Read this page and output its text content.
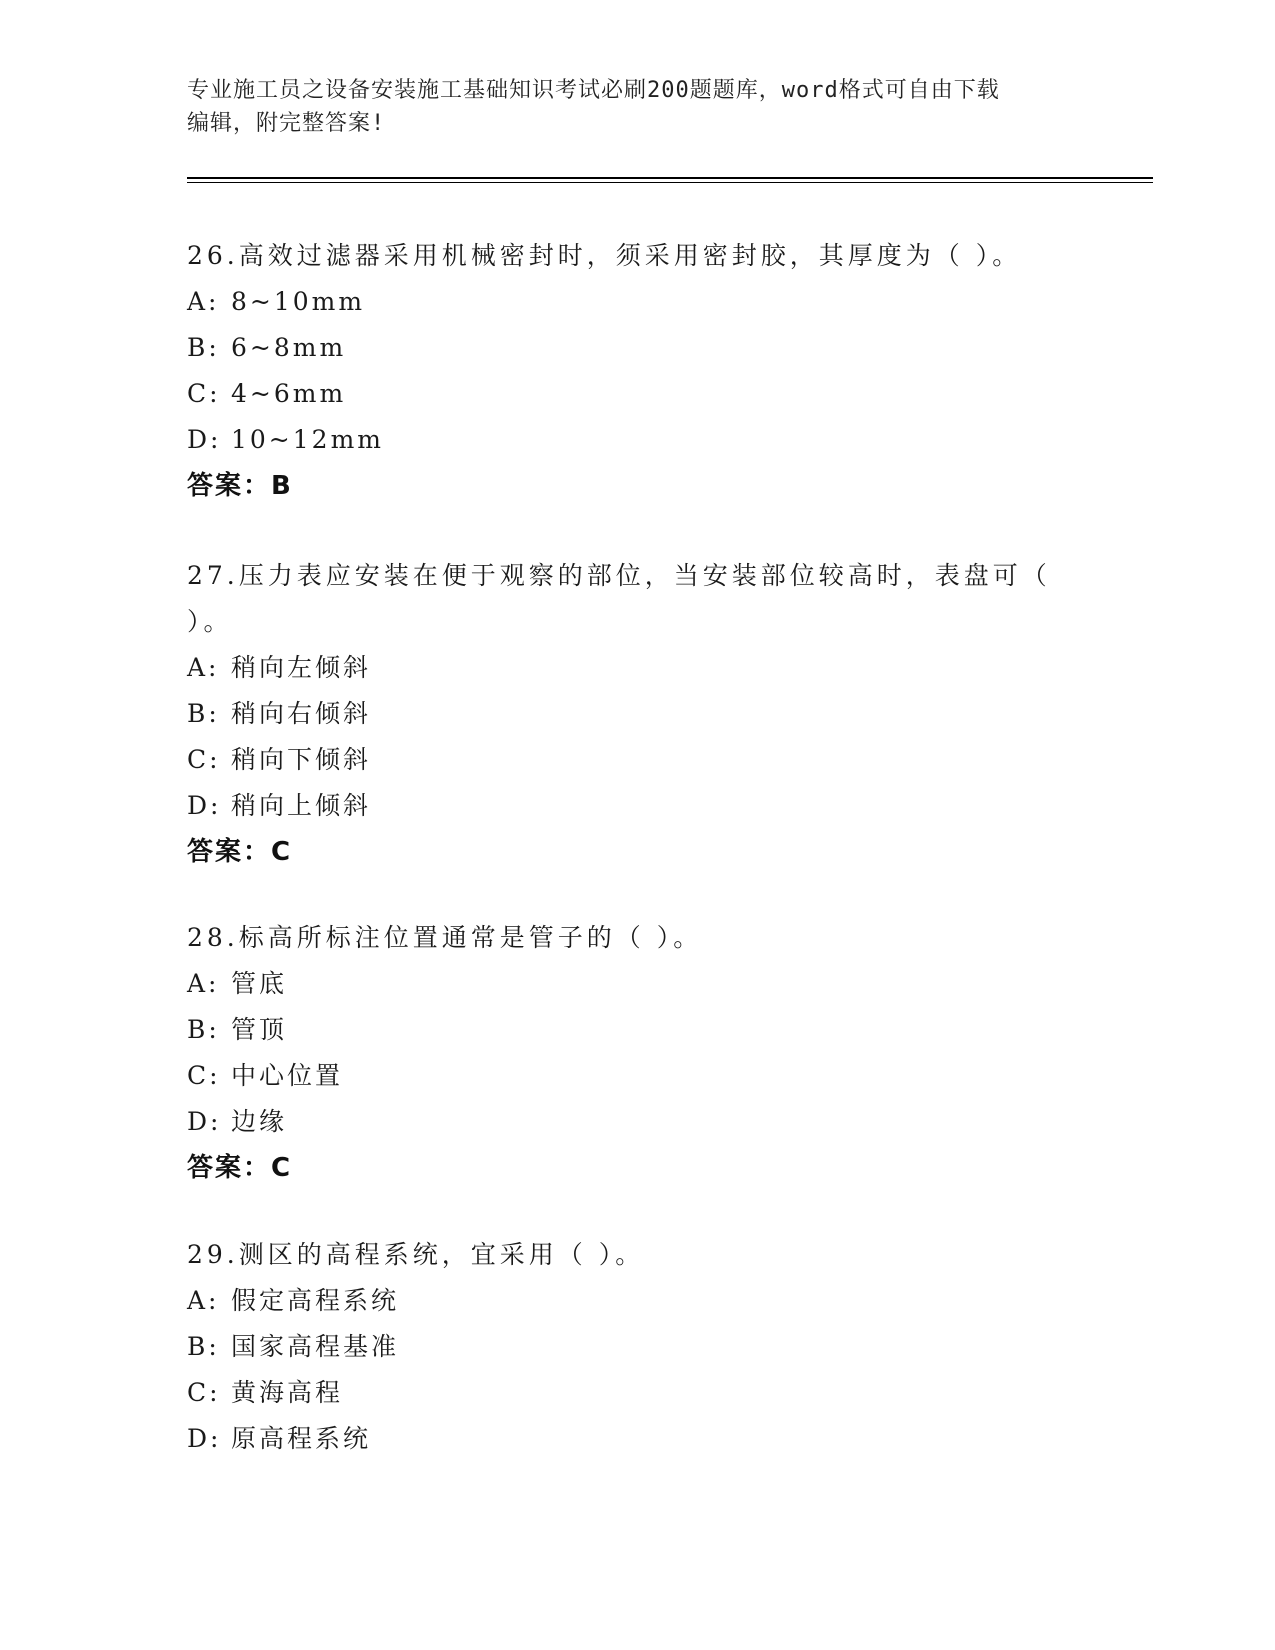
专业施工员之设备安装施工基础知识考试必刷200题题库，word格式可自由下载
编辑，附完整答案!

26.高效过滤器采用机械密封时，须采用密封胶，其厚度为（ ）。

A: 8~10mm

B: 6~8mm

C: 4~6mm

D: 10~12mm

答案：B

27.压力表应安装在便于观察的部位，当安装部位较高时，表盘可（ ）。

A: 稍向左倾斜

B: 稍向右倾斜

C: 稍向下倾斜

D: 稍向上倾斜

答案：C

28.标高所标注位置通常是管子的（ ）。

A: 管底

B: 管顶

C: 中心位置

D: 边缘

答案：C

29.测区的高程系统，宜采用（ ）。

A: 假定高程系统

B: 国家高程基准

C: 黄海高程

D: 原高程系统
